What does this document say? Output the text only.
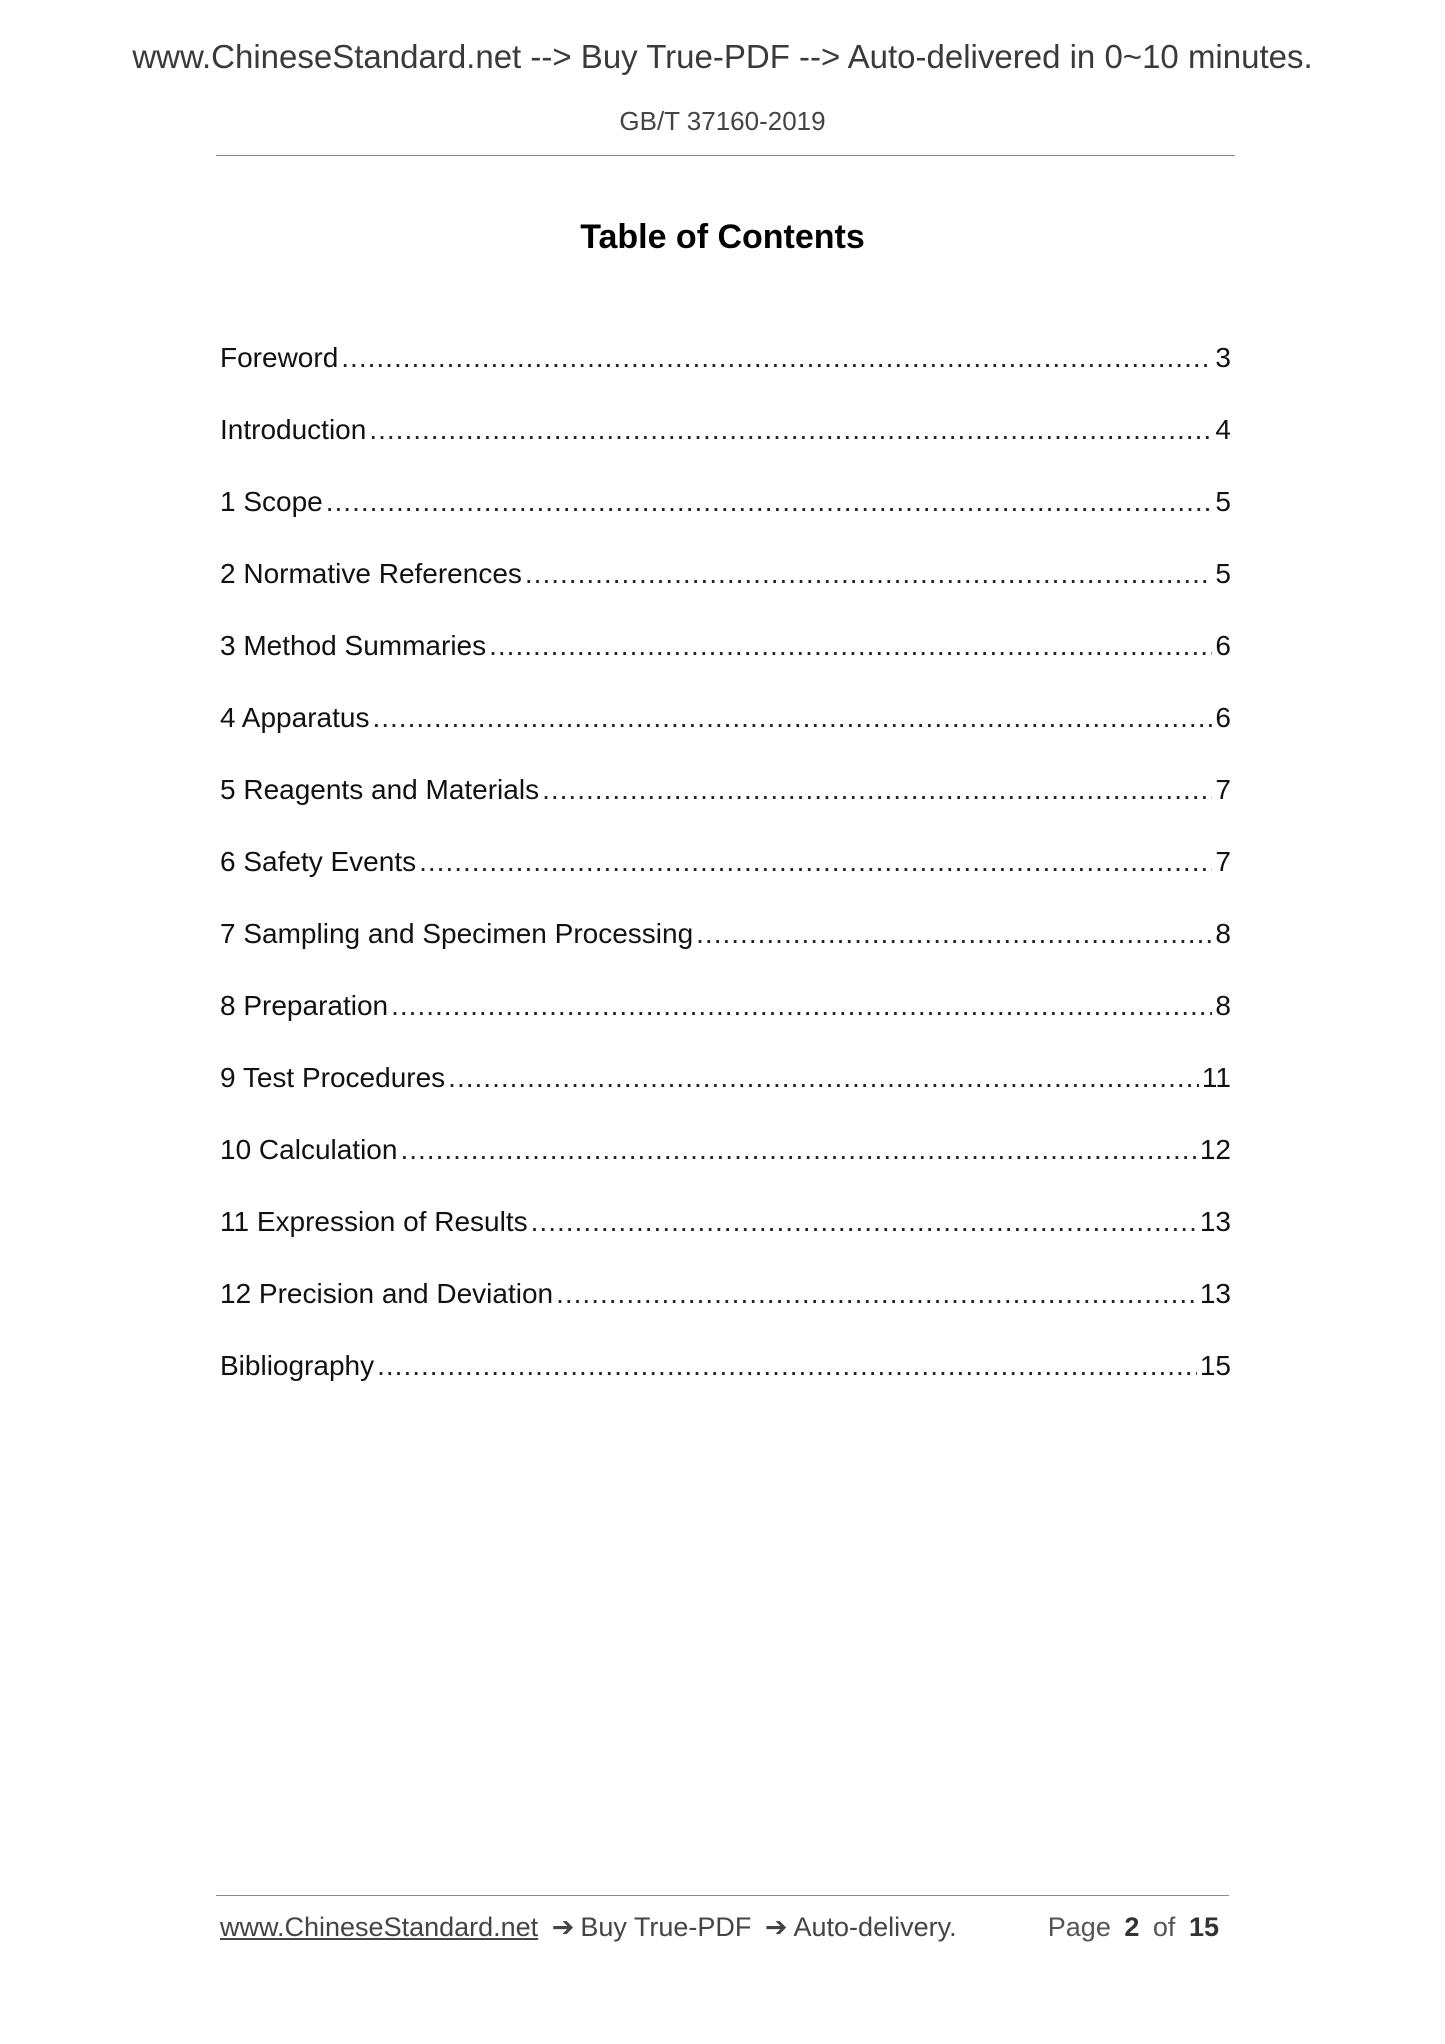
www.ChineseStandard.net --> Buy True-PDF --> Auto-delivered in 0~10 minutes.
GB/T 37160-2019
Table of Contents
Foreword .....	3
Introduction .....	4
1 Scope .....	5
2 Normative References .....	5
3 Method Summaries .....	6
4 Apparatus .....	6
5 Reagents and Materials .....	7
6 Safety Events .....	7
7 Sampling and Specimen Processing .....	8
8 Preparation .....	8
9 Test Procedures .....	11
10 Calculation .....	12
11 Expression of Results .....	13
12 Precision and Deviation .....	13
Bibliography .....	15
www.ChineseStandard.net ➔ Buy True-PDF ➔ Auto-delivery.	Page 2 of 15
